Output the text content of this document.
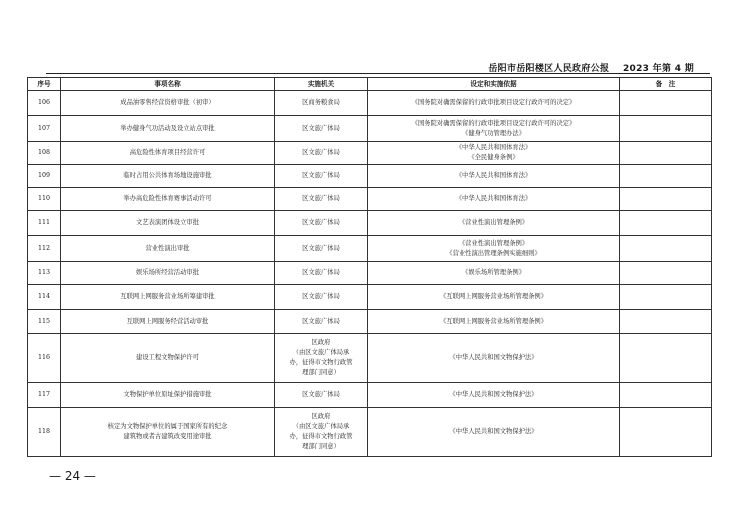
岳阳市岳阳楼区人民政府公报    2023 年第 4 期
序号	事项名称	实施机关	设定和实施依据	备　注
106	成品油零售经营资格审批（初审）	区商务粮食局	《国务院对确需保留的行政审批项目设定行政许可的决定》	

107	举办健身气功活动及设立站点审批	区文旅广体局	《国务院对确需保留的行政审批项目设定行政许可的决定》
《健身气功管理办法》	

108	高危险性体育项目经营许可	区文旅广体局	《中华人民共和国体育法》
《全民健身条例》	

109	临时占用公共体育场地设施审批	区文旅广体局	《中华人民共和国体育法》	

110	举办高危险性体育赛事活动许可	区文旅广体局	《中华人民共和国体育法》	

111	文艺表演团体设立审批	区文旅广体局	《营业性演出管理条例》	

112	营业性演出审批	区文旅广体局	《营业性演出管理条例》
《营业性演出管理条例实施细则》	

113	娱乐场所经营活动审批	区文旅广体局	《娱乐场所管理条例》	

114	互联网上网服务营业场所筹建审批	区文旅广体局	《互联网上网服务营业场所管理条例》	

115	互联网上网服务经营活动审批	区文旅广体局	《互联网上网服务营业场所管理条例》	

116	建设工程文物保护许可	区政府
（由区文旅广体局承
办，征得市文物行政管
理部门同意）	《中华人民共和国文物保护法》	

117	文物保护单位原址保护措施审批	区文旅广体局	《中华人民共和国文物保护法》	

118	核定为文物保护单位的属于国家所有的纪念
建筑物或者古建筑改变用途审批	区政府
（由区文旅广体局承
办，征得市文物行政管
理部门同意）	《中华人民共和国文物保护法》	

— 24 —
